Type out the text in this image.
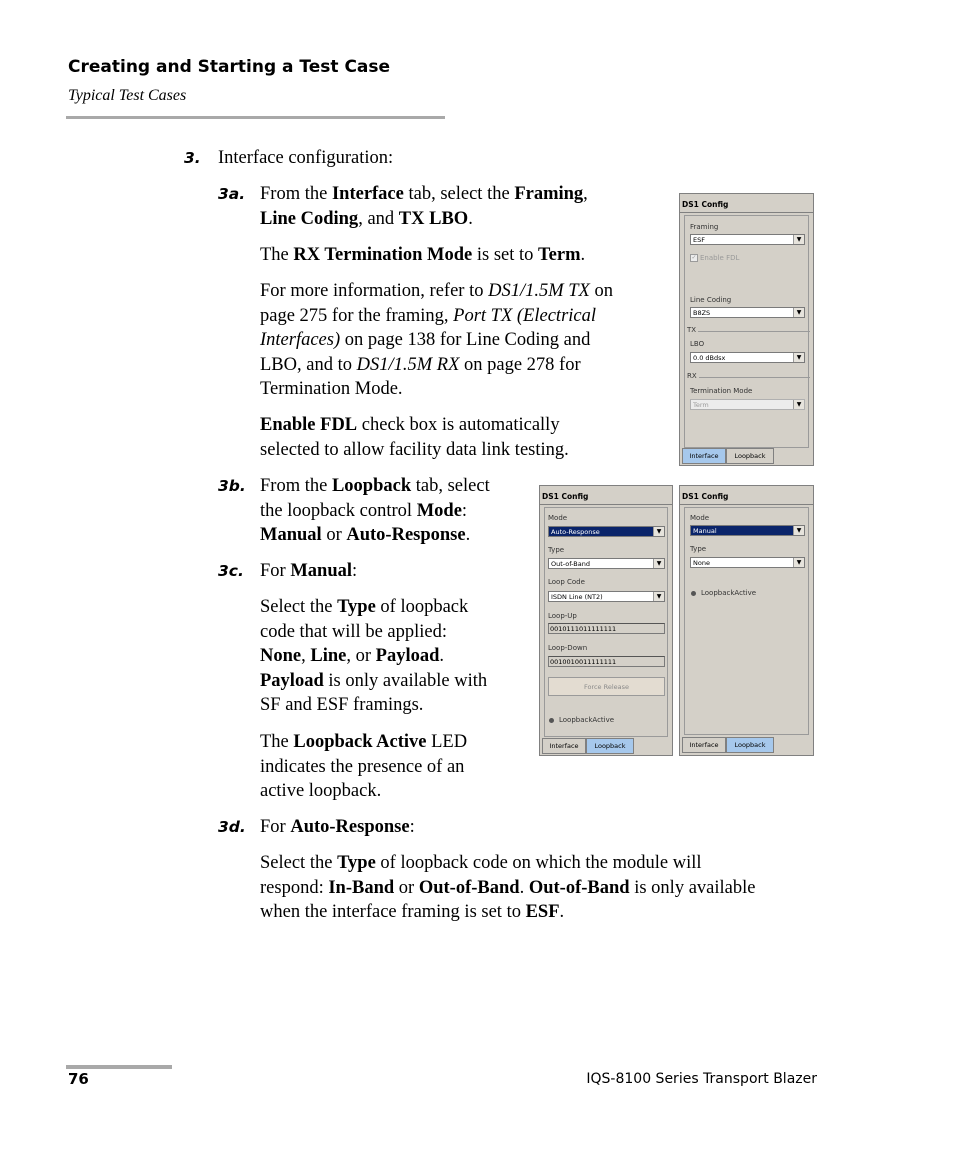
Creating and Starting a Test Case
Typical Test Cases
3. Interface configuration:
3a. From the Interface tab, select the Framing,
Line Coding, and TX LBO.
The RX Termination Mode is set to Term.
For more information, refer to DS1/1.5M TX on
page 275 for the framing, Port TX (Electrical
Interfaces) on page 138 for Line Coding and
LBO, and to DS1/1.5M RX on page 278 for
Termination Mode.
Enable FDL check box is automatically
selected to allow facility data link testing.
DS1 Config
Framing
ESF	▼
✓ Enable FDL
Line Coding
B8ZS	▼
TX
LBO
0.0 dBdsx	▼
RX
Termination Mode
Term	▼
Interface	Loopback
3b. From the Loopback tab, select
the loopback control Mode:
Manual or Auto-Response.
3c. For Manual:
Select the Type of loopback
code that will be applied:
None, Line, or Payload.
Payload is only available with
SF and ESF framings.
The Loopback Active LED
indicates the presence of an
active loopback.
DS1 Config
Mode
Auto-Response	▼
Type
Out-of-Band	▼
Loop Code
ISDN Line (NT2)	▼
Loop-Up
0010111011111111
Loop-Down
0010010011111111
Force Release
LoopbackActive
Interface	Loopback
DS1 Config
Mode
Manual	▼
Type
None	▼
LoopbackActive
Interface	Loopback
3d. For Auto-Response:
Select the Type of loopback code on which the module will
respond: In-Band or Out-of-Band. Out-of-Band is only available
when the interface framing is set to ESF.
76	IQS-8100 Series Transport Blazer
